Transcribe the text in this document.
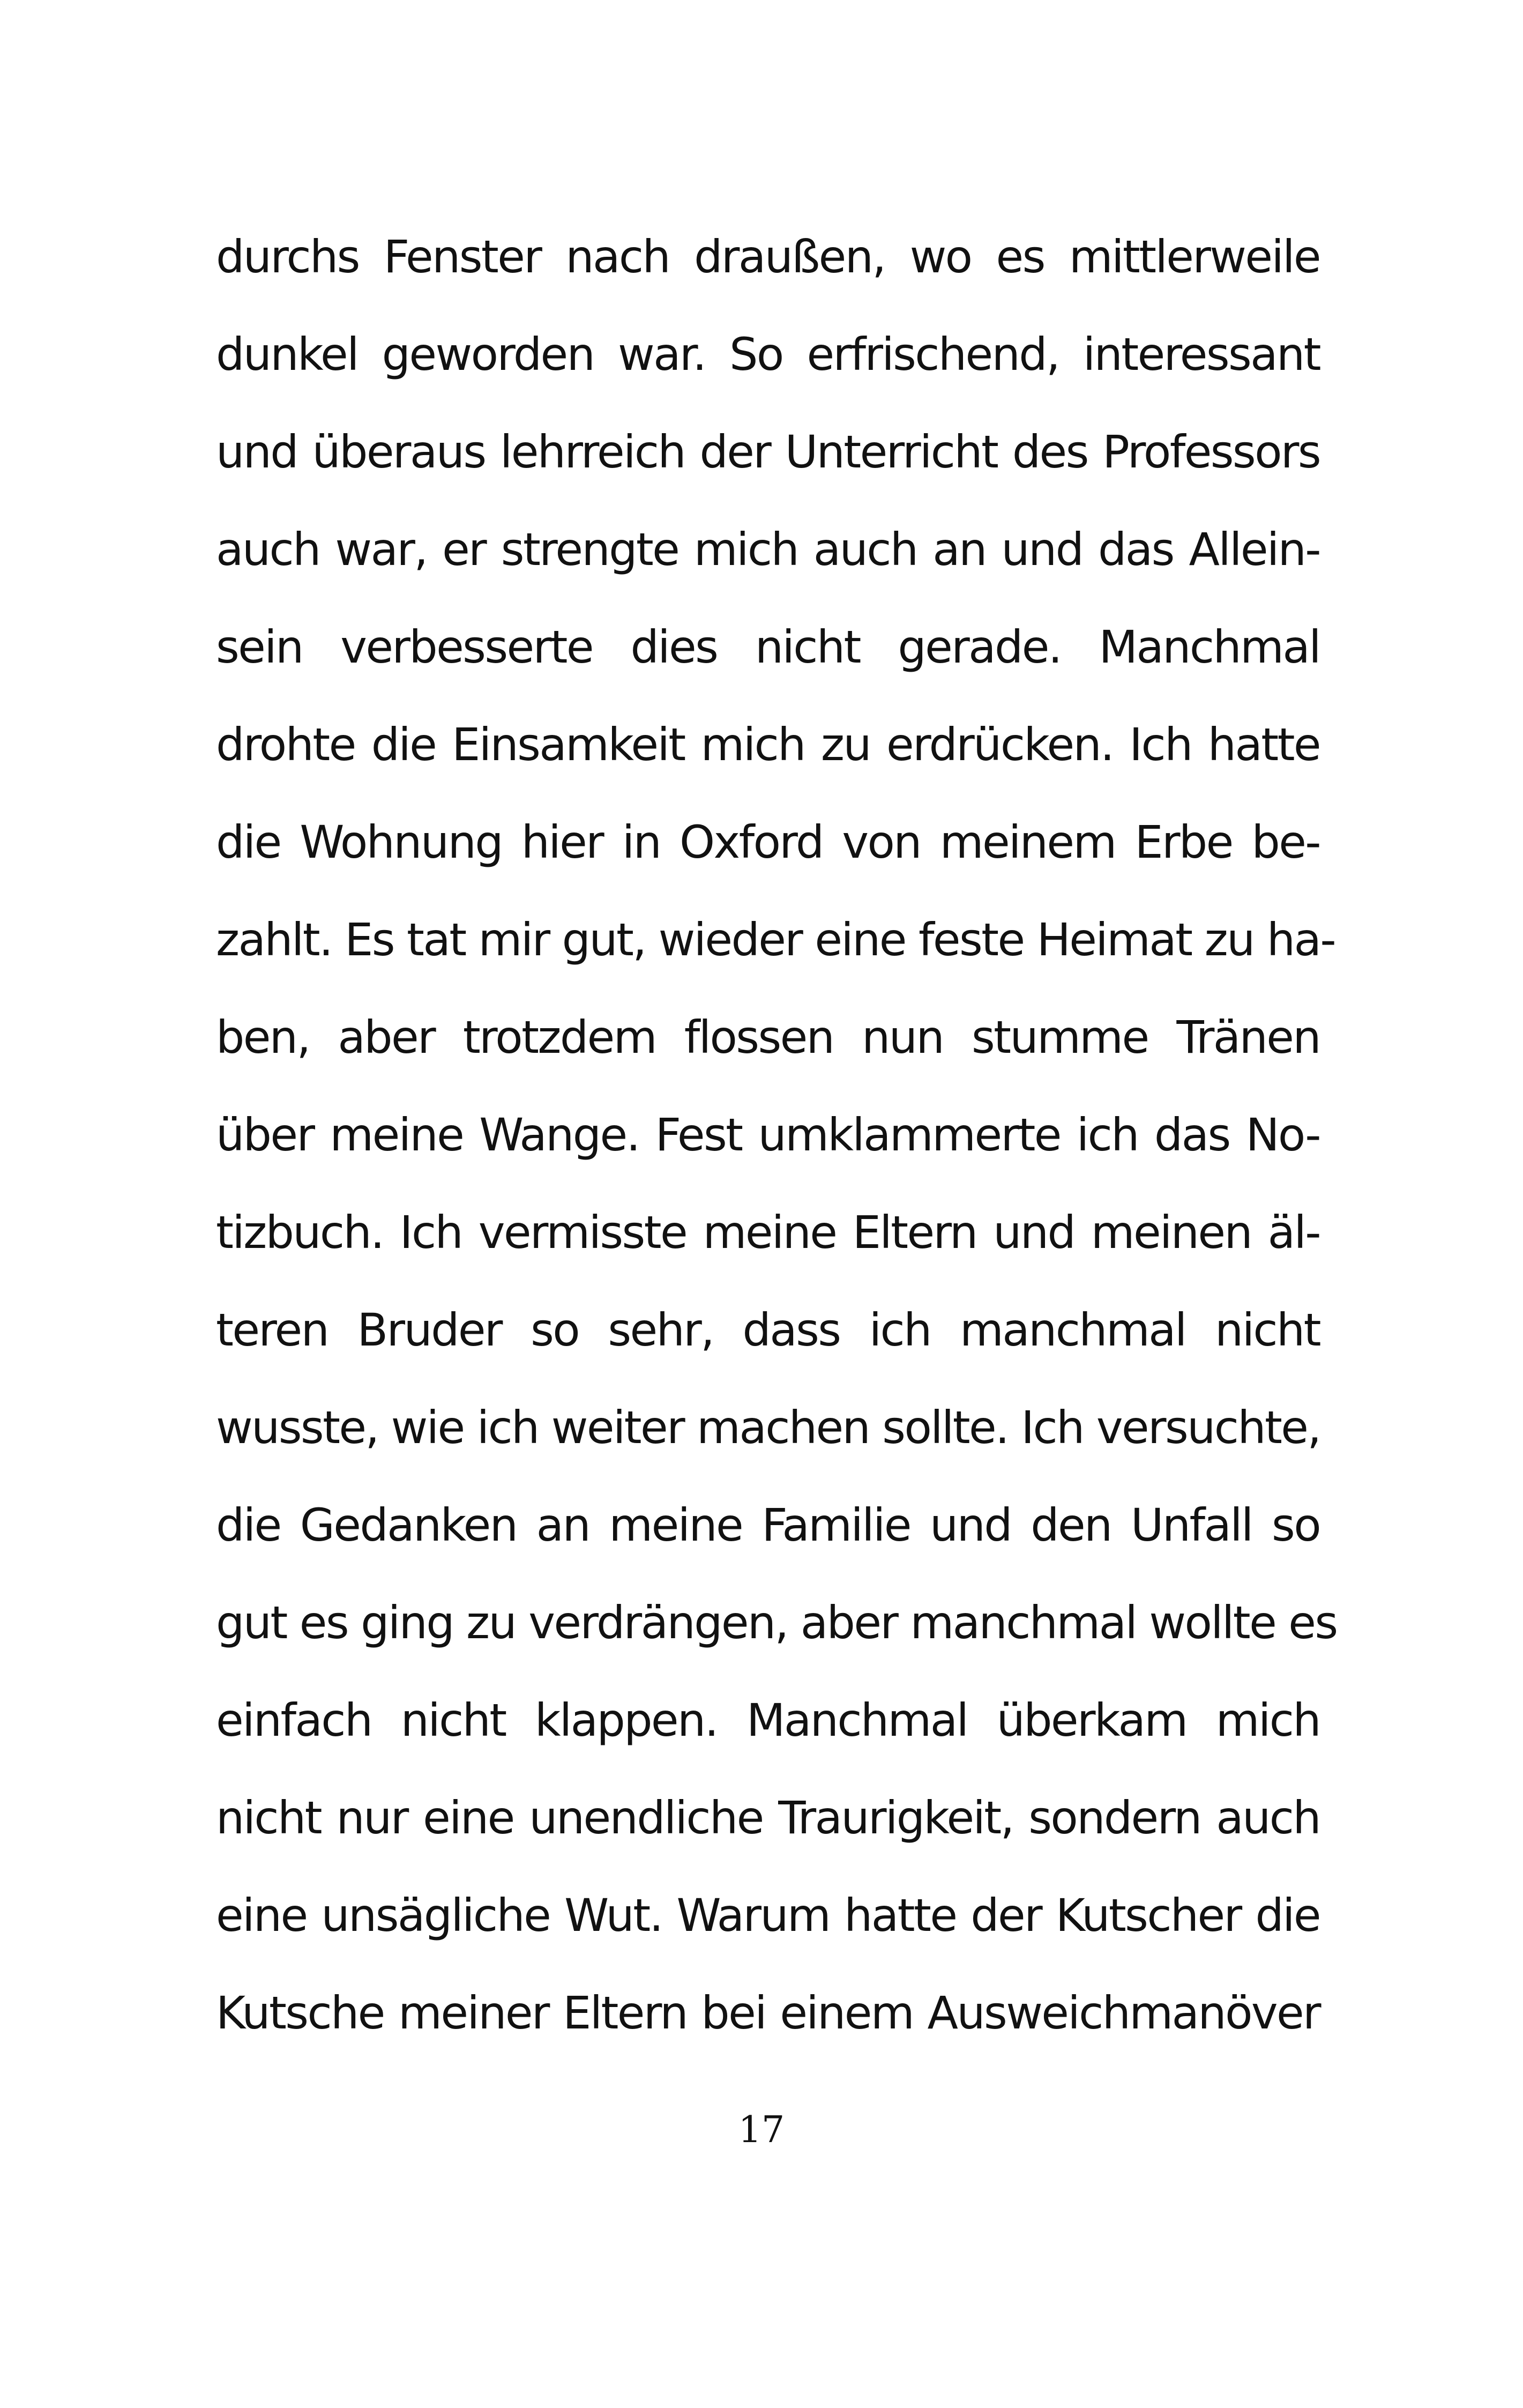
durchs Fenster nach draußen, wo es mittlerweile
dunkel geworden war. So erfrischend, interessant
und überaus lehrreich der Unterricht des Professors
auch war, er strengte mich auch an und das Allein-
sein verbesserte dies nicht gerade. Manchmal
drohte die Einsamkeit mich zu erdrücken. Ich hatte
die Wohnung hier in Oxford von meinem Erbe be-
zahlt. Es tat mir gut, wieder eine feste Heimat zu ha-
ben, aber trotzdem flossen nun stumme Tränen
über meine Wange. Fest umklammerte ich das No-
tizbuch. Ich vermisste meine Eltern und meinen äl-
teren Bruder so sehr, dass ich manchmal nicht
wusste, wie ich weiter machen sollte. Ich versuchte,
die Gedanken an meine Familie und den Unfall so
gut es ging zu verdrängen, aber manchmal wollte es
einfach nicht klappen. Manchmal überkam mich
nicht nur eine unendliche Traurigkeit, sondern auch
eine unsägliche Wut. Warum hatte der Kutscher die
Kutsche meiner Eltern bei einem Ausweichmanöver
17
